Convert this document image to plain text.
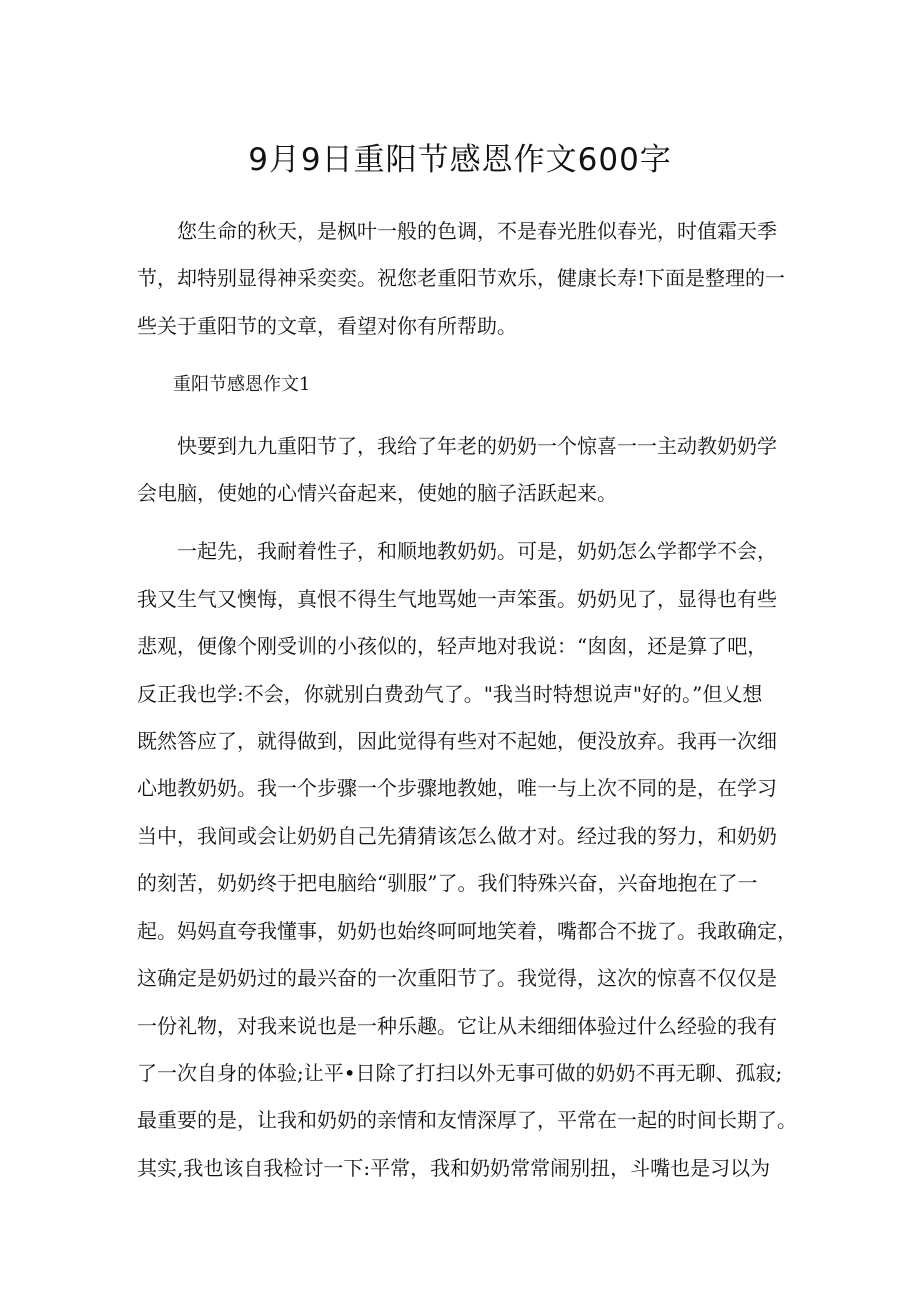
9月9日重阳节感恩作文600字
您生命的秋天，是枫叶一般的色调，不是春光胜似春光，时值霜天季
节，却特别显得神采奕奕。祝您老重阳节欢乐，健康长寿!下面是整理的一
些关于重阳节的文章，看望对你有所帮助。
重阳节感恩作文1
快要到九九重阳节了，我给了年老的奶奶一个惊喜一一主动教奶奶学
会电脑，使她的心情兴奋起来，使她的脑子活跃起来。
一起先，我耐着性子，和顺地教奶奶。可是，奶奶怎么学都学不会，
我又生气又懊悔，真恨不得生气地骂她一声笨蛋。奶奶见了，显得也有些
悲观，便像个刚受训的小孩似的，轻声地对我说：“囱囱，还是算了吧，
反正我也学:不会，你就别白费劲气了。"我当时特想说声"好的。”但乂想
既然答应了，就得做到，因此觉得有些对不起她，便没放弃。我再一次细
心地教奶奶。我一个步骤一个步骤地教她，唯一与上次不同的是，在学习
当中，我间或会让奶奶自己先猜猜该怎么做才对。经过我的努力，和奶奶
的刻苦，奶奶终于把电脑给“驯服”了。我们特殊兴奋，兴奋地抱在了一
起。妈妈直夸我懂事，奶奶也始终呵呵地笑着，嘴都合不拢了。我敢确定，
这确定是奶奶过的最兴奋的一次重阳节了。我觉得，这次的惊喜不仅仅是
一份礼物，对我来说也是一种乐趣。它让从未细细体验过什么经验的我有
了一次自身的体验;让平•日除了打扫以外无事可做的奶奶不再无聊、孤寂;
最重要的是，让我和奶奶的亲情和友情深厚了，平常在一起的时间长期了。
其实,我也该自我检讨一下:平常，我和奶奶常常闹别扭，斗嘴也是习以为
